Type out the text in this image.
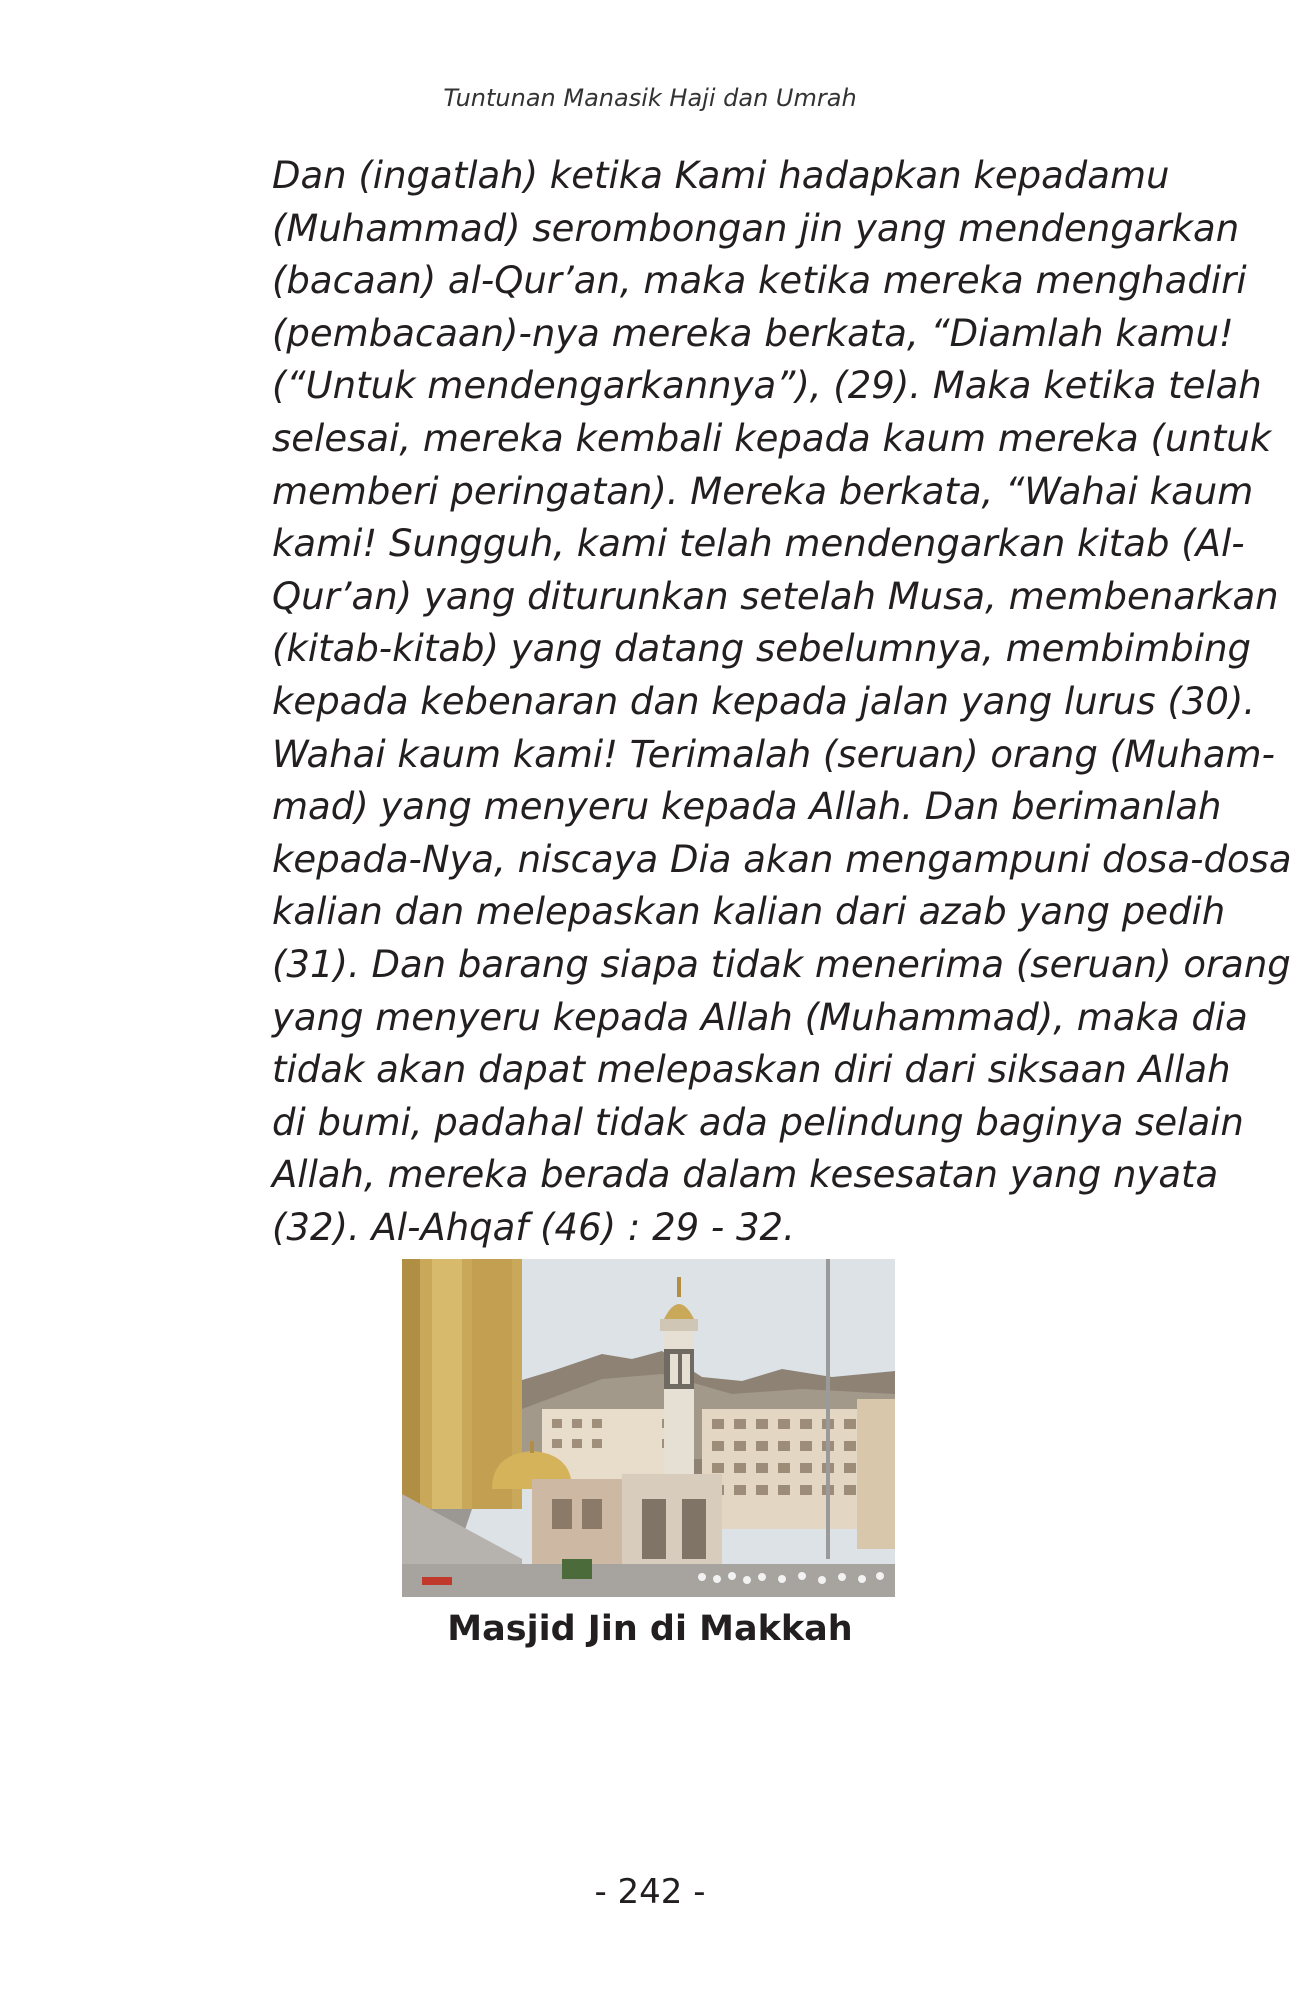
Tuntunan Manasik Haji dan Umrah
Dan (ingatlah) ketika Kami hadapkan kepadamu
(Muhammad) serombongan jin yang mendengarkan
(bacaan) al-Qur’an, maka ketika mereka menghadiri
(pembacaan)-nya mereka berkata, “Diamlah kamu!
(“Untuk mendengarkannya”), (29). Maka ketika telah
selesai, mereka kembali kepada kaum mereka (untuk
memberi peringatan). Mereka berkata, “Wahai kaum
kami! Sungguh, kami telah mendengarkan kitab (Al-
Qur’an) yang diturunkan setelah Musa, membenarkan
(kitab-kitab) yang datang sebelumnya, membimbing
kepada kebenaran dan kepada jalan yang lurus (30).
Wahai kaum kami! Terimalah (seruan) orang (Muham-
mad) yang menyeru kepada Allah. Dan berimanlah
kepada-Nya, niscaya Dia akan mengampuni dosa-dosa
kalian dan melepaskan kalian dari azab yang pedih
(31). Dan barang siapa tidak menerima (seruan) orang
yang menyeru kepada Allah (Muhammad), maka dia
tidak akan dapat melepaskan diri dari siksaan Allah
di bumi, padahal tidak ada pelindung baginya selain
Allah, mereka berada dalam kesesatan yang nyata
(32). Al-Ahqaf (46) : 29 - 32.
Masjid Jin di Makkah
- 242 -
